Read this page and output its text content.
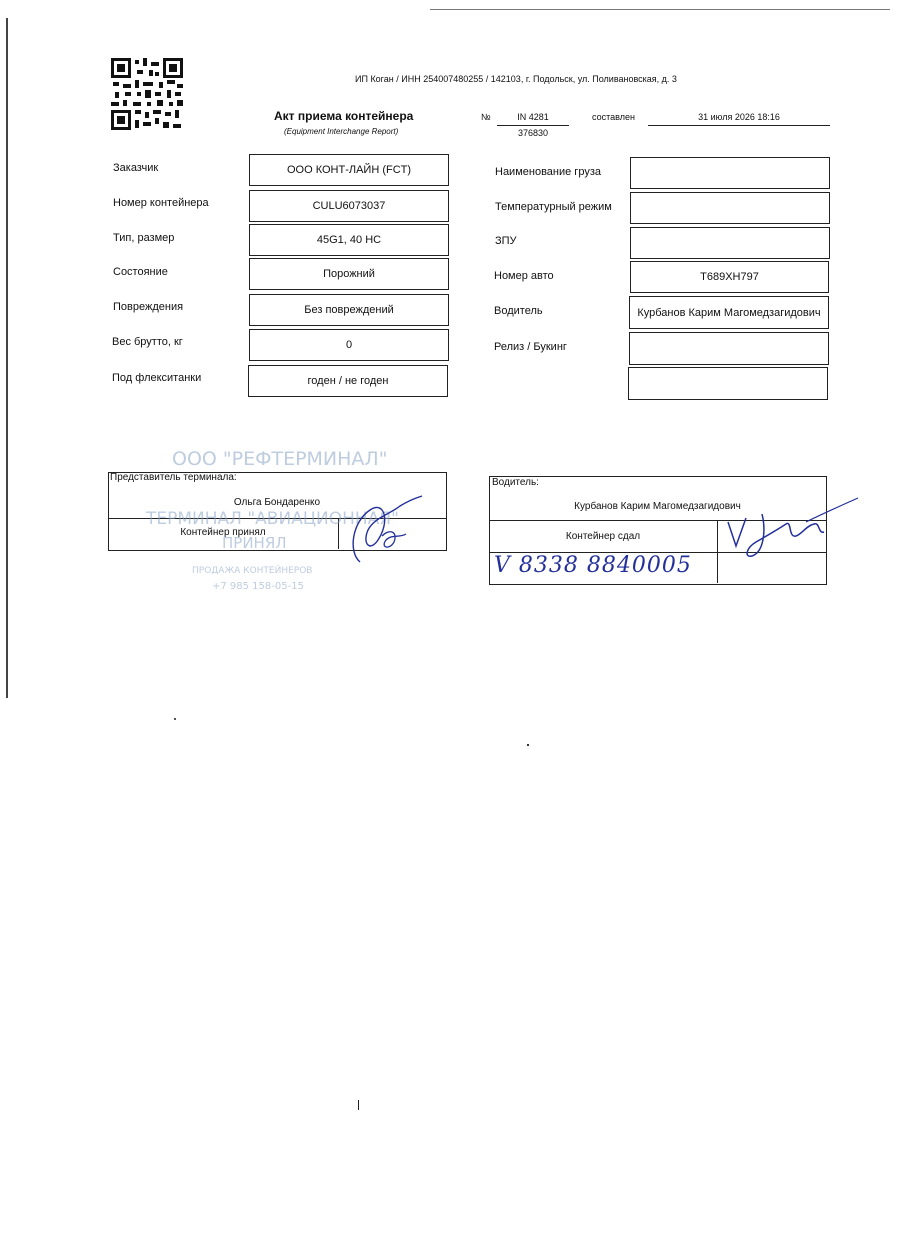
ИП Коган / ИНН 254007480255 / 142103, г. Подольск, ул. Поливановская, д. 3
Акт приема контейнера
(Equipment Interchange Report)
№	IN 4281
376830
составлен	31 июля 2026 18:16
Заказчик
Номер контейнера
Тип, размер
Состояние
Повреждения
Вес брутто, кг
Под флекситанки
ООО КОНТ-ЛАЙН (FCT)
CULU6073037
45G1, 40 HC
Порожний
Без повреждений
0
годен / не годен
Наименование груза
Температурный режим
ЗПУ
Номер авто
Водитель
Релиз / Букинг
Т689ХН797
Курбанов Карим Магомедзагидович
ООО "РЕФТЕРМИНАЛ"
Представитель терминала:
Ольга Бондаренко
ТЕРМИНАЛ "АВИАЦИОННАЯ"
Контейнер принял
ПРИНЯЛ
ПРОДАЖА КОНТЕЙНЕРОВ
+7 985 158-05-15
Водитель:
Курбанов Карим Магомедзагидович
Контейнер сдал
V 8338 8840005
